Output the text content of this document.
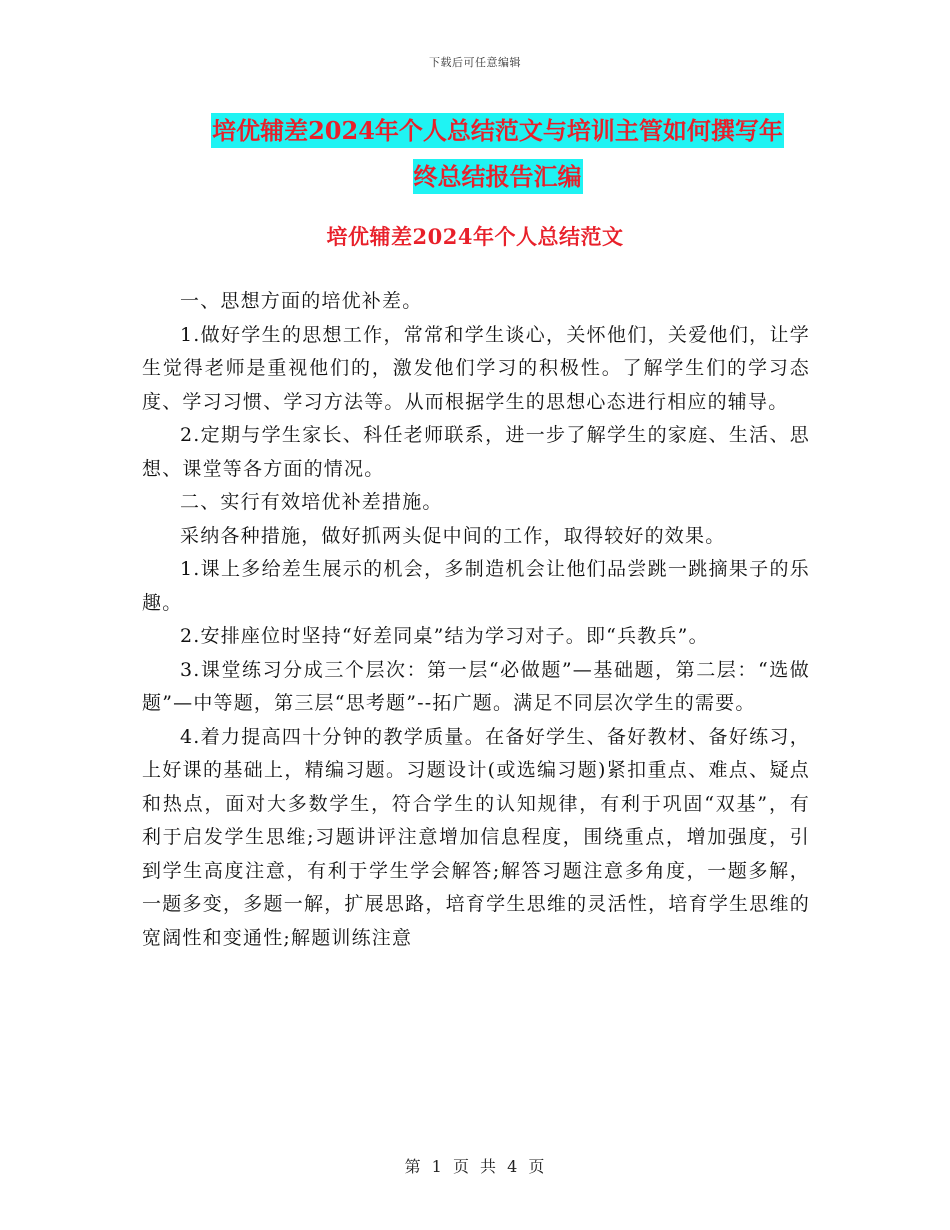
下载后可任意编辑
培优辅差2024年个人总结范文与培训主管如何撰写年
终总结报告汇编
培优辅差2024年个人总结范文

一、思想方面的培优补差。

1.做好学生的思想工作，常常和学生谈心，关怀他们，关爱他们，让学生觉得老师是重视他们的，激发他们学习的积极性。了解学生们的学习态度、学习习惯、学习方法等。从而根据学生的思想心态进行相应的辅导。

2.定期与学生家长、科任老师联系，进一步了解学生的家庭、生活、思想、课堂等各方面的情况。

二、实行有效培优补差措施。

采纳各种措施，做好抓两头促中间的工作，取得较好的效果。

1.课上多给差生展示的机会，多制造机会让他们品尝跳一跳摘果子的乐趣。

2.安排座位时坚持“好差同桌”结为学习对子。即“兵教兵”。

3.课堂练习分成三个层次：第一层“必做题”—基础题，第二层：“选做题”—中等题，第三层“思考题”--拓广题。满足不同层次学生的需要。

4.着力提高四十分钟的教学质量。在备好学生、备好教材、备好练习，上好课的基础上，精编习题。习题设计(或选编习题)紧扣重点、难点、疑点和热点，面对大多数学生，符合学生的认知规律，有利于巩固“双基”，有利于启发学生思维;习题讲评注意增加信息程度，围绕重点，增加强度，引到学生高度注意，有利于学生学会解答;解答习题注意多角度，一题多解，一题多变，多题一解，扩展思路，培育学生思维的灵活性，培育学生思维的宽阔性和变通性;解题训练注意

第 1 页 共 4 页
